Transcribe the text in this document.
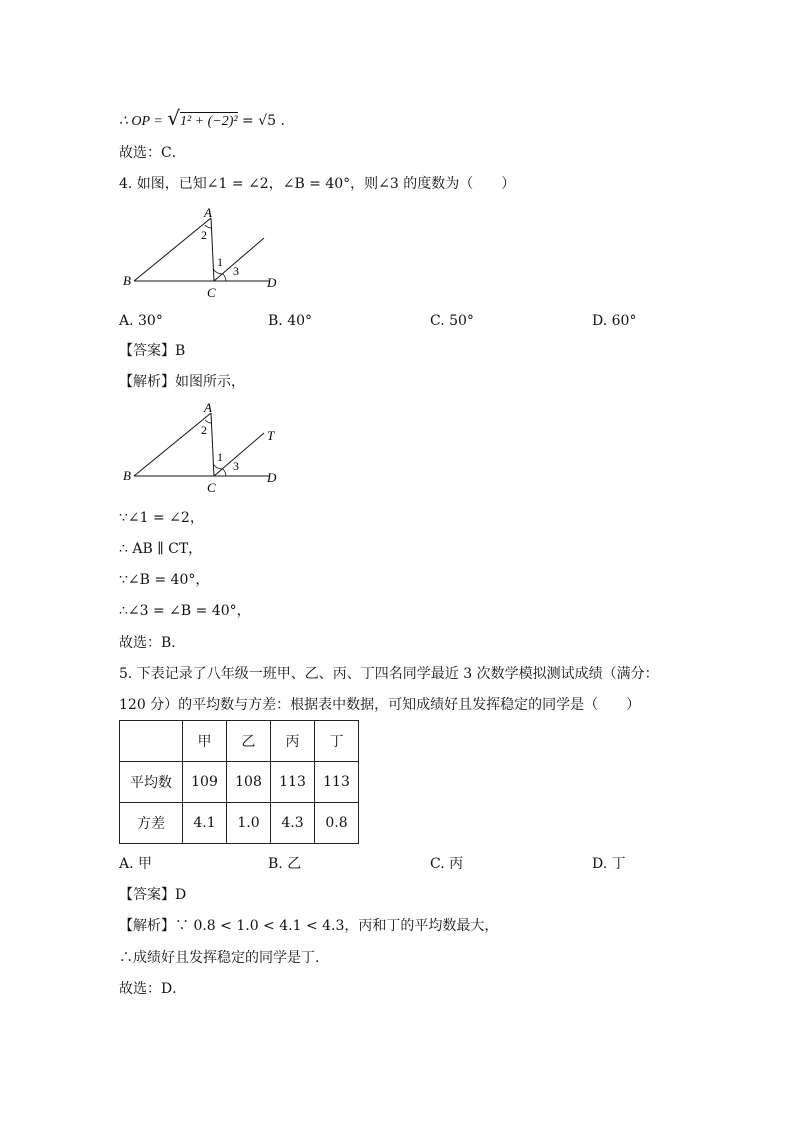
∴ OP = √1² + (−2)² = √5 .
故选：C．
4. 如图，已知∠1 = ∠2，∠B = 40°，则∠3 的度数为（　　）
A
B
C
D
2
1
3
A. 30°	B. 40°	C. 50°	D. 60°
【答案】B
【解析】如图所示，
A
T
B
C
D
2
1
3
∵∠1 = ∠2，
∴ AB ∥ CT，
∵∠B = 40°，
∴∠3 = ∠B = 40°，
故选：B．
5. 下表记录了八年级一班甲、乙、丙、丁四名同学最近 3 次数学模拟测试成绩（满分：
120 分）的平均数与方差：根据表中数据，可知成绩好且发挥稳定的同学是（　　）
	甲	乙	丙	丁
平均数	109	108	113	113
方差	4.1	1.0	4.3	0.8
A. 甲	B. 乙	C. 丙	D. 丁
【答案】D
【解析】∵ 0.8 < 1.0 < 4.1 < 4.3，丙和丁的平均数最大，
∴成绩好且发挥稳定的同学是丁.
故选：D．
